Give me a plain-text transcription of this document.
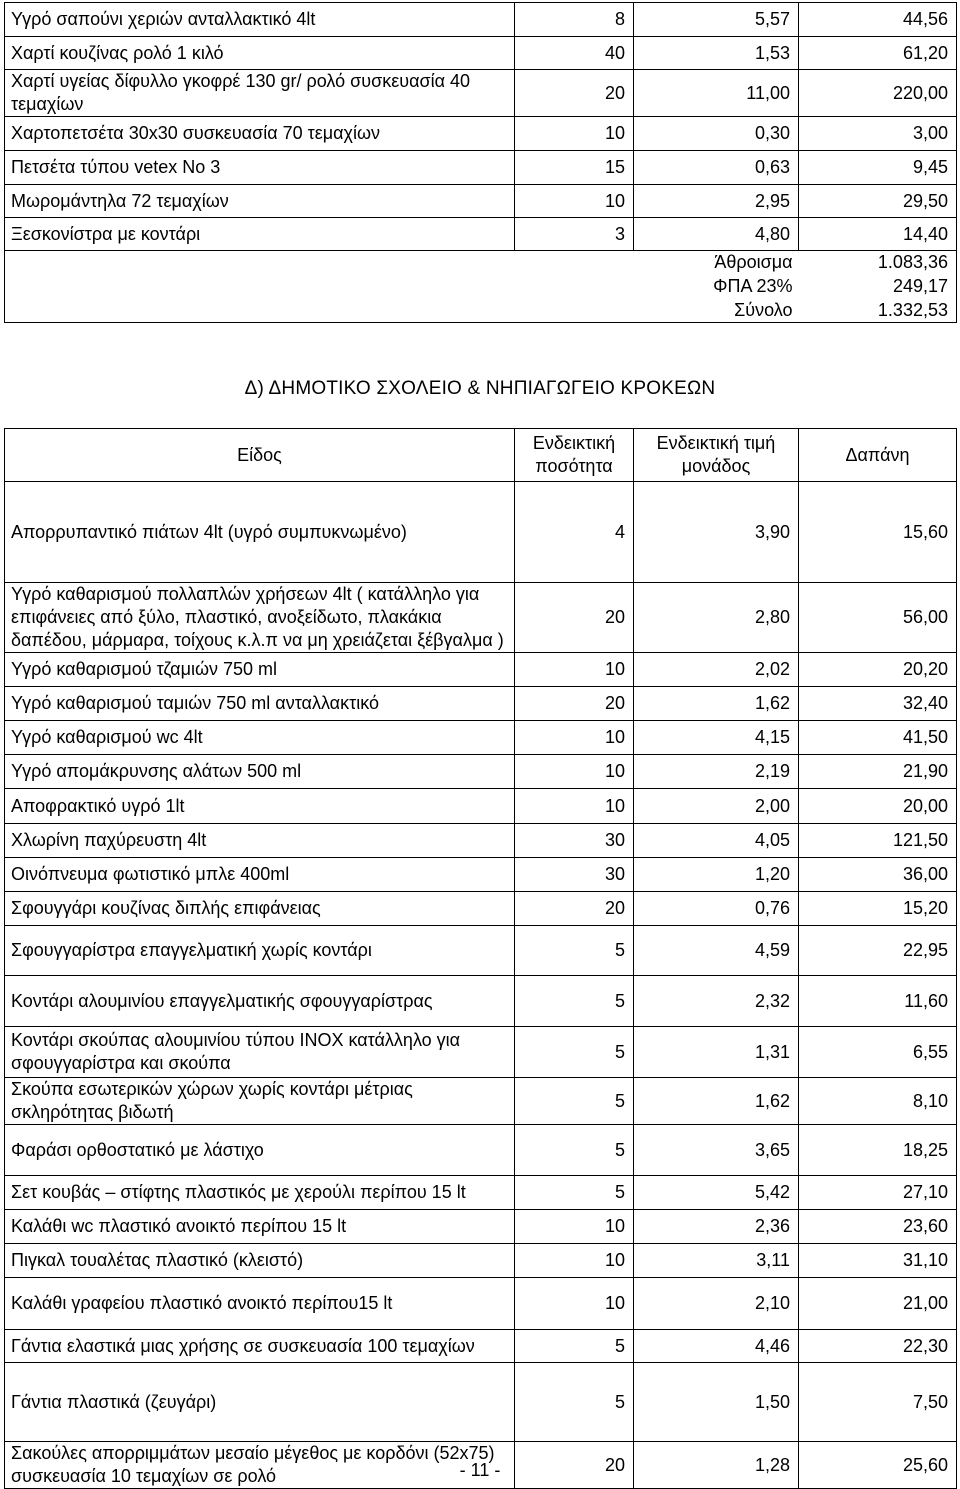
Υγρό σαπούνι χεριών ανταλλακτικό 4lt	8	5,57	44,56
Χαρτί κουζίνας ρολό 1 κιλό	40	1,53	61,20
Χαρτί υγείας δίφυλλο γκοφρέ 130 gr/ ρολό συσκευασία 40 τεμαχίων	20	11,00	220,00
Χαρτοπετσέτα 30x30 συσκευασία 70 τεμαχίων	10	0,30	3,00
Πετσέτα τύπου vetex No 3	15	0,63	9,45
Μωρομάντηλα 72 τεμαχίων	10	2,95	29,50
Ξεσκονίστρα με κοντάρι	3	4,80	14,40
		Άθροισμα	1.083,36
		ΦΠΑ 23%	249,17
		Σύνολο	1.332,53
Δ) ΔΗΜΟΤΙΚΟ ΣΧΟΛΕΙΟ & ΝΗΠΙΑΓΩΓΕΙΟ ΚΡΟΚΕΩΝ
Είδος	Ενδεικτική ποσότητα	Ενδεικτική τιμή μονάδος	Δαπάνη
Απορρυπαντικό πιάτων 4lt (υγρό συμπυκνωμένο)	4	3,90	15,60
Υγρό καθαρισμού πολλαπλών χρήσεων 4lt ( κατάλληλο για επιφάνειες από ξύλο, πλαστικό, ανοξείδωτο, πλακάκια δαπέδου, μάρμαρα, τοίχους κ.λ.π να μη χρειάζεται ξέβγαλμα )	20	2,80	56,00
Υγρό καθαρισμού τζαμιών 750 ml	10	2,02	20,20
Υγρό καθαρισμού ταμιών 750 ml ανταλλακτικό	20	1,62	32,40
Υγρό καθαρισμού wc 4lt	10	4,15	41,50
Υγρό απομάκρυνσης αλάτων 500 ml	10	2,19	21,90
Αποφρακτικό υγρό 1lt	10	2,00	20,00
Χλωρίνη παχύρευστη 4lt	30	4,05	121,50
Οινόπνευμα φωτιστικό μπλε 400ml	30	1,20	36,00
Σφουγγάρι κουζίνας διπλής επιφάνειας	20	0,76	15,20
Σφουγγαρίστρα επαγγελματική χωρίς κοντάρι	5	4,59	22,95
Κοντάρι αλουμινίου επαγγελματικής σφουγγαρίστρας	5	2,32	11,60
Κοντάρι σκούπας αλουμινίου τύπου INOX κατάλληλο για σφουγγαρίστρα και σκούπα	5	1,31	6,55
Σκούπα εσωτερικών χώρων χωρίς κοντάρι μέτριας σκληρότητας βιδωτή	5	1,62	8,10
Φαράσι ορθοστατικό με λάστιχο	5	3,65	18,25
Σετ κουβάς – στίφτης πλαστικός με χερούλι περίπου 15 lt	5	5,42	27,10
Καλάθι wc πλαστικό ανοικτό περίπου 15 lt	10	2,36	23,60
Πιγκαλ τουαλέτας πλαστικό (κλειστό)	10	3,11	31,10
Καλάθι γραφείου πλαστικό ανοικτό περίπου15 lt	10	2,10	21,00
Γάντια ελαστικά μιας χρήσης σε συσκευασία 100 τεμαχίων	5	4,46	22,30
Γάντια πλαστικά (ζευγάρι)	5	1,50	7,50
Σακούλες απορριμμάτων μεσαίο μέγεθος με κορδόνι (52x75) συσκευασία 10 τεμαχίων σε ρολό	20	1,28	25,60
- 11 -
